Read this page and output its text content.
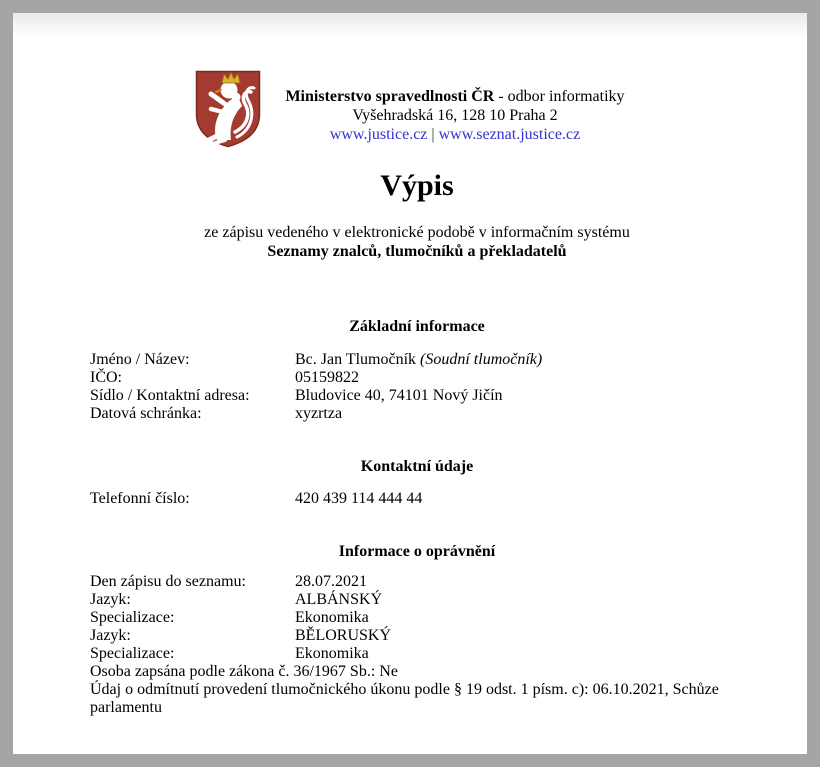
Ministerstvo spravedlnosti ČR - odbor informatiky
Vyšehradská 16, 128 10 Praha 2
www.justice.cz | www.seznat.justice.cz
Výpis
ze zápisu vedeného v elektronické podobě v informačním systému
Seznamy znalců, tlumočníků a překladatelů
Základní informace
Jméno / Název:	Bc. Jan Tlumočník (Soudní tlumočník)
IČO:	05159822
Sídlo / Kontaktní adresa:	Bludovice 40, 74101 Nový Jičín
Datová schránka:	xyzrtza
Kontaktní údaje
Telefonní číslo:	420 439 114 444 44
Informace o oprávnění
Den zápisu do seznamu:	28.07.2021
Jazyk:	ALBÁNSKÝ
Specializace:	Ekonomika
Jazyk:	BĚLORUSKÝ
Specializace:	Ekonomika
Osoba zapsána podle zákona č. 36/1967 Sb.: Ne
Údaj o odmítnutí provedení tlumočnického úkonu podle § 19 odst. 1 písm. c): 06.10.2021, Schůze parlamentu
